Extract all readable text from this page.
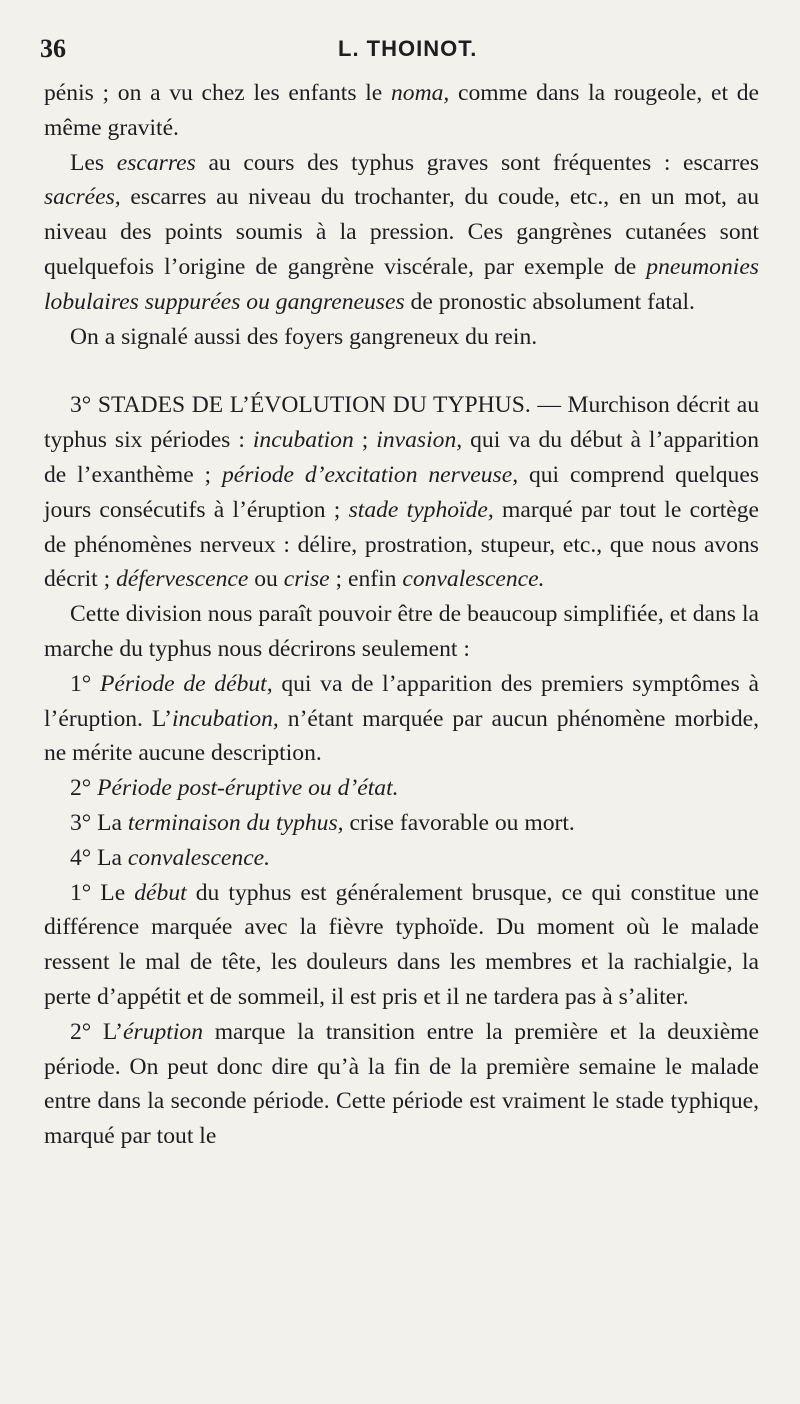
36	L. THOINOT.
pénis ; on a vu chez les enfants le noma, comme dans la rougeole, et de même gravité.
Les escarres au cours des typhus graves sont fréquentes : escarres sacrées, escarres au niveau du trochanter, du coude, etc., en un mot, au niveau des points soumis à la pression. Ces gangrènes cutanées sont quelquefois l’origine de gangrène viscérale, par exemple de pneumonies lobulaires suppurées ou gangreneuses de pronostic absolument fatal.
On a signalé aussi des foyers gangreneux du rein.
3° STADES DE L’ÉVOLUTION DU TYPHUS. — Murchison décrit au typhus six périodes : incubation ; invasion, qui va du début à l’apparition de l’exanthème ; période d’excitation nerveuse, qui comprend quelques jours consécutifs à l’éruption ; stade typhoïde, marqué par tout le cortège de phénomènes nerveux : délire, prostration, stupeur, etc., que nous avons décrit ; défervescence ou crise ; enfin convalescence.
Cette division nous paraît pouvoir être de beaucoup simplifiée, et dans la marche du typhus nous décrirons seulement :
1° Période de début, qui va de l’apparition des premiers symptômes à l’éruption. L’incubation, n’étant marquée par aucun phénomène morbide, ne mérite aucune description.
2° Période post-éruptive ou d’état.
3° La terminaison du typhus, crise favorable ou mort.
4° La convalescence.
1° Le début du typhus est généralement brusque, ce qui constitue une différence marquée avec la fièvre typhoïde. Du moment où le malade ressent le mal de tête, les douleurs dans les membres et la rachialgie, la perte d’appétit et de sommeil, il est pris et il ne tardera pas à s’aliter.
2° L’éruption marque la transition entre la première et la deuxième période. On peut donc dire qu’à la fin de la première semaine le malade entre dans la seconde période. Cette période est vraiment le stade typhique, marqué par tout le
